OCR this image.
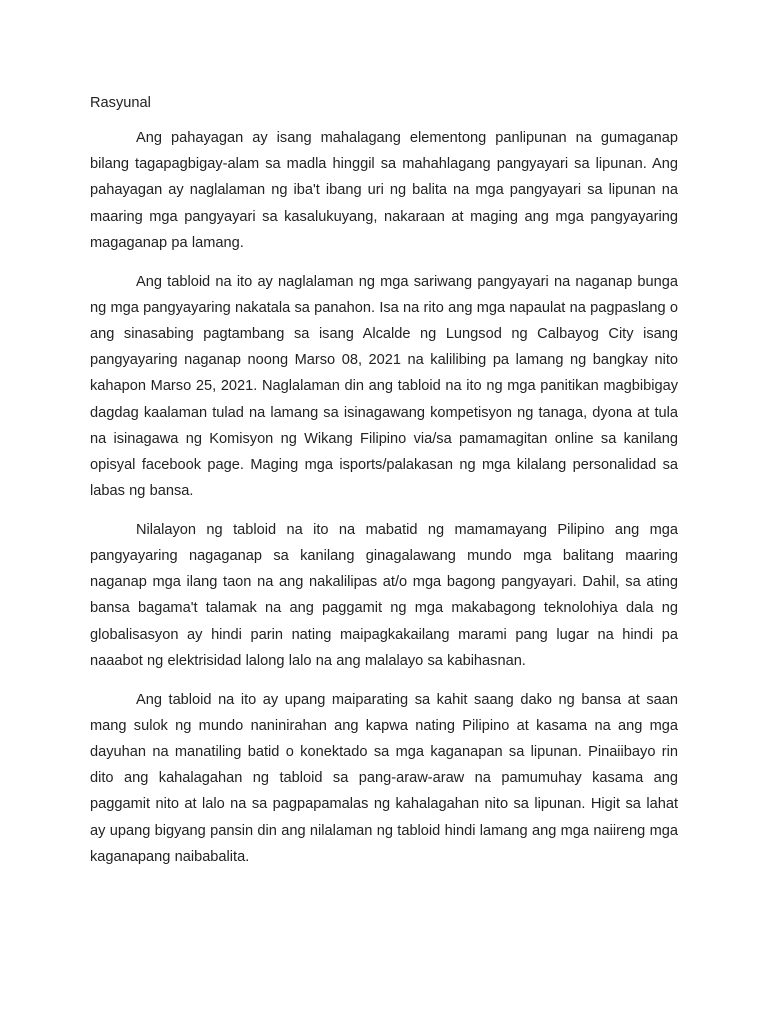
Rasyunal

Ang pahayagan ay isang mahalagang elementong panlipunan na gumaganap bilang tagapagbigay-alam sa madla hinggil sa mahahlagang pangyayari sa lipunan. Ang pahayagan ay naglalaman ng iba't ibang uri ng balita na mga pangyayari sa lipunan na maaring mga pangyayari sa kasalukuyang, nakaraan at maging ang mga pangyayaring magaganap pa lamang.

Ang tabloid na ito ay naglalaman ng mga sariwang pangyayari na naganap bunga ng mga pangyayaring nakatala sa panahon. Isa na rito ang mga napaulat na pagpaslang o ang sinasabing pagtambang sa isang Alcalde ng Lungsod ng Calbayog City isang pangyayaring naganap noong Marso 08, 2021 na kalilibing pa lamang ng bangkay nito kahapon Marso 25, 2021. Naglalaman din ang tabloid na ito ng mga panitikan magbibigay dagdag kaalaman tulad na lamang sa isinagawang kompetisyon ng tanaga, dyona at tula na isinagawa ng Komisyon ng Wikang Filipino via/sa pamamagitan online sa kanilang opisyal facebook page. Maging mga isports/palakasan ng mga kilalang personalidad sa labas ng bansa.

Nilalayon ng tabloid na ito na mabatid ng mamamayang Pilipino ang mga pangyayaring nagaganap sa kanilang ginagalawang mundo mga balitang maaring naganap mga ilang taon na ang nakalilipas at/o mga bagong pangyayari. Dahil, sa ating bansa bagama't talamak na ang paggamit ng mga makabagong teknolohiya dala ng globalisasyon ay hindi parin nating maipagkakailang marami pang lugar na hindi pa naaabot ng elektrisidad lalong lalo na ang malalayo sa kabihasnan.

Ang tabloid na ito ay upang maiparating sa kahit saang dako ng bansa at saan mang sulok ng mundo naninirahan ang kapwa nating Pilipino at kasama na ang mga dayuhan na manatiling batid o konektado sa mga kaganapan sa lipunan. Pinaiibayo rin dito ang kahalagahan ng tabloid sa pang-araw-araw na pamumuhay kasama ang paggamit nito at lalo na sa pagpapamalas ng kahalagahan nito sa lipunan. Higit sa lahat ay upang bigyang pansin din ang nilalaman ng tabloid hindi lamang ang mga naiireng mga kaganapang naibabalita.
